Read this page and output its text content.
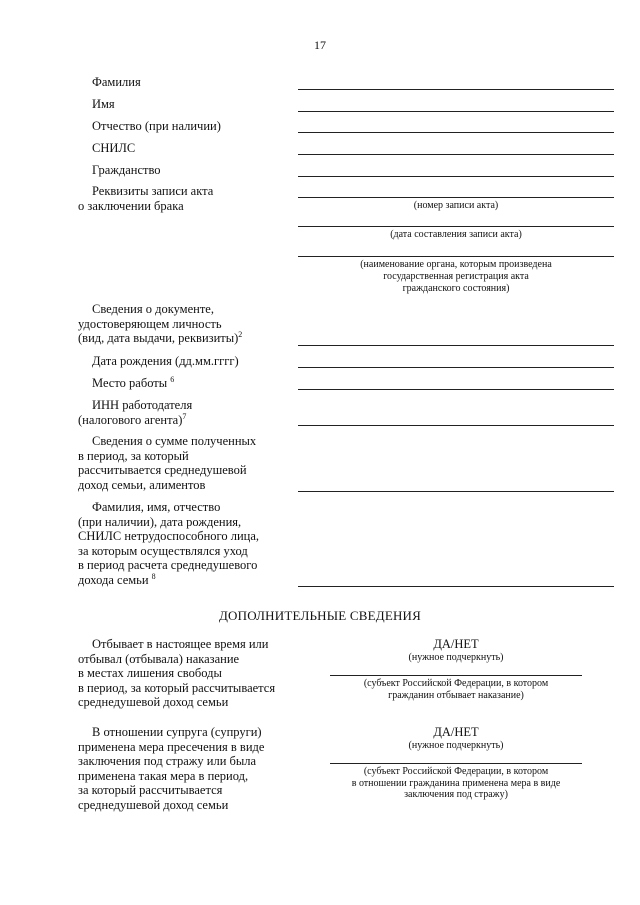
17
Фамилия
Имя
Отчество (при наличии)
СНИЛС
Гражданство
Реквизиты записи акта
о заключении брака	(номер записи акта)
(дата составления записи акта)
(наименование органа, которым произведена
государственная регистрация акта
гражданского состояния)
Сведения о документе,
удостоверяющем личность
(вид, дата выдачи, реквизиты)$^2$
Дата рождения (дд.мм.гггг)
Место работы $^6$
ИНН работодателя
(налогового агента)$^7$
Сведения о сумме полученных
в период, за который
рассчитывается среднедушевой
доход семьи, алиментов
Фамилия, имя, отчество
(при наличии), дата рождения,
СНИЛС нетрудоспособного лица,
за которым осуществлялся уход
в период расчета среднедушевого
дохода семьи $^8$
ДОПОЛНИТЕЛЬНЫЕ СВЕДЕНИЯ
Отбывает в настоящее время или
отбывал (отбывала) наказание
в местах лишения свободы
в период, за который рассчитывается
среднедушевой доход семьи
ДА/НЕТ
(нужное подчеркнуть)
(субъект Российской Федерации, в котором
гражданин отбывает наказание)
В отношении супруга (супруги)
применена мера пресечения в виде
заключения под стражу или была
применена такая мера в период,
за который рассчитывается
среднедушевой доход семьи
ДА/НЕТ
(нужное подчеркнуть)
(субъект Российской Федерации, в котором
в отношении гражданина применена мера в виде
заключения под стражу)
